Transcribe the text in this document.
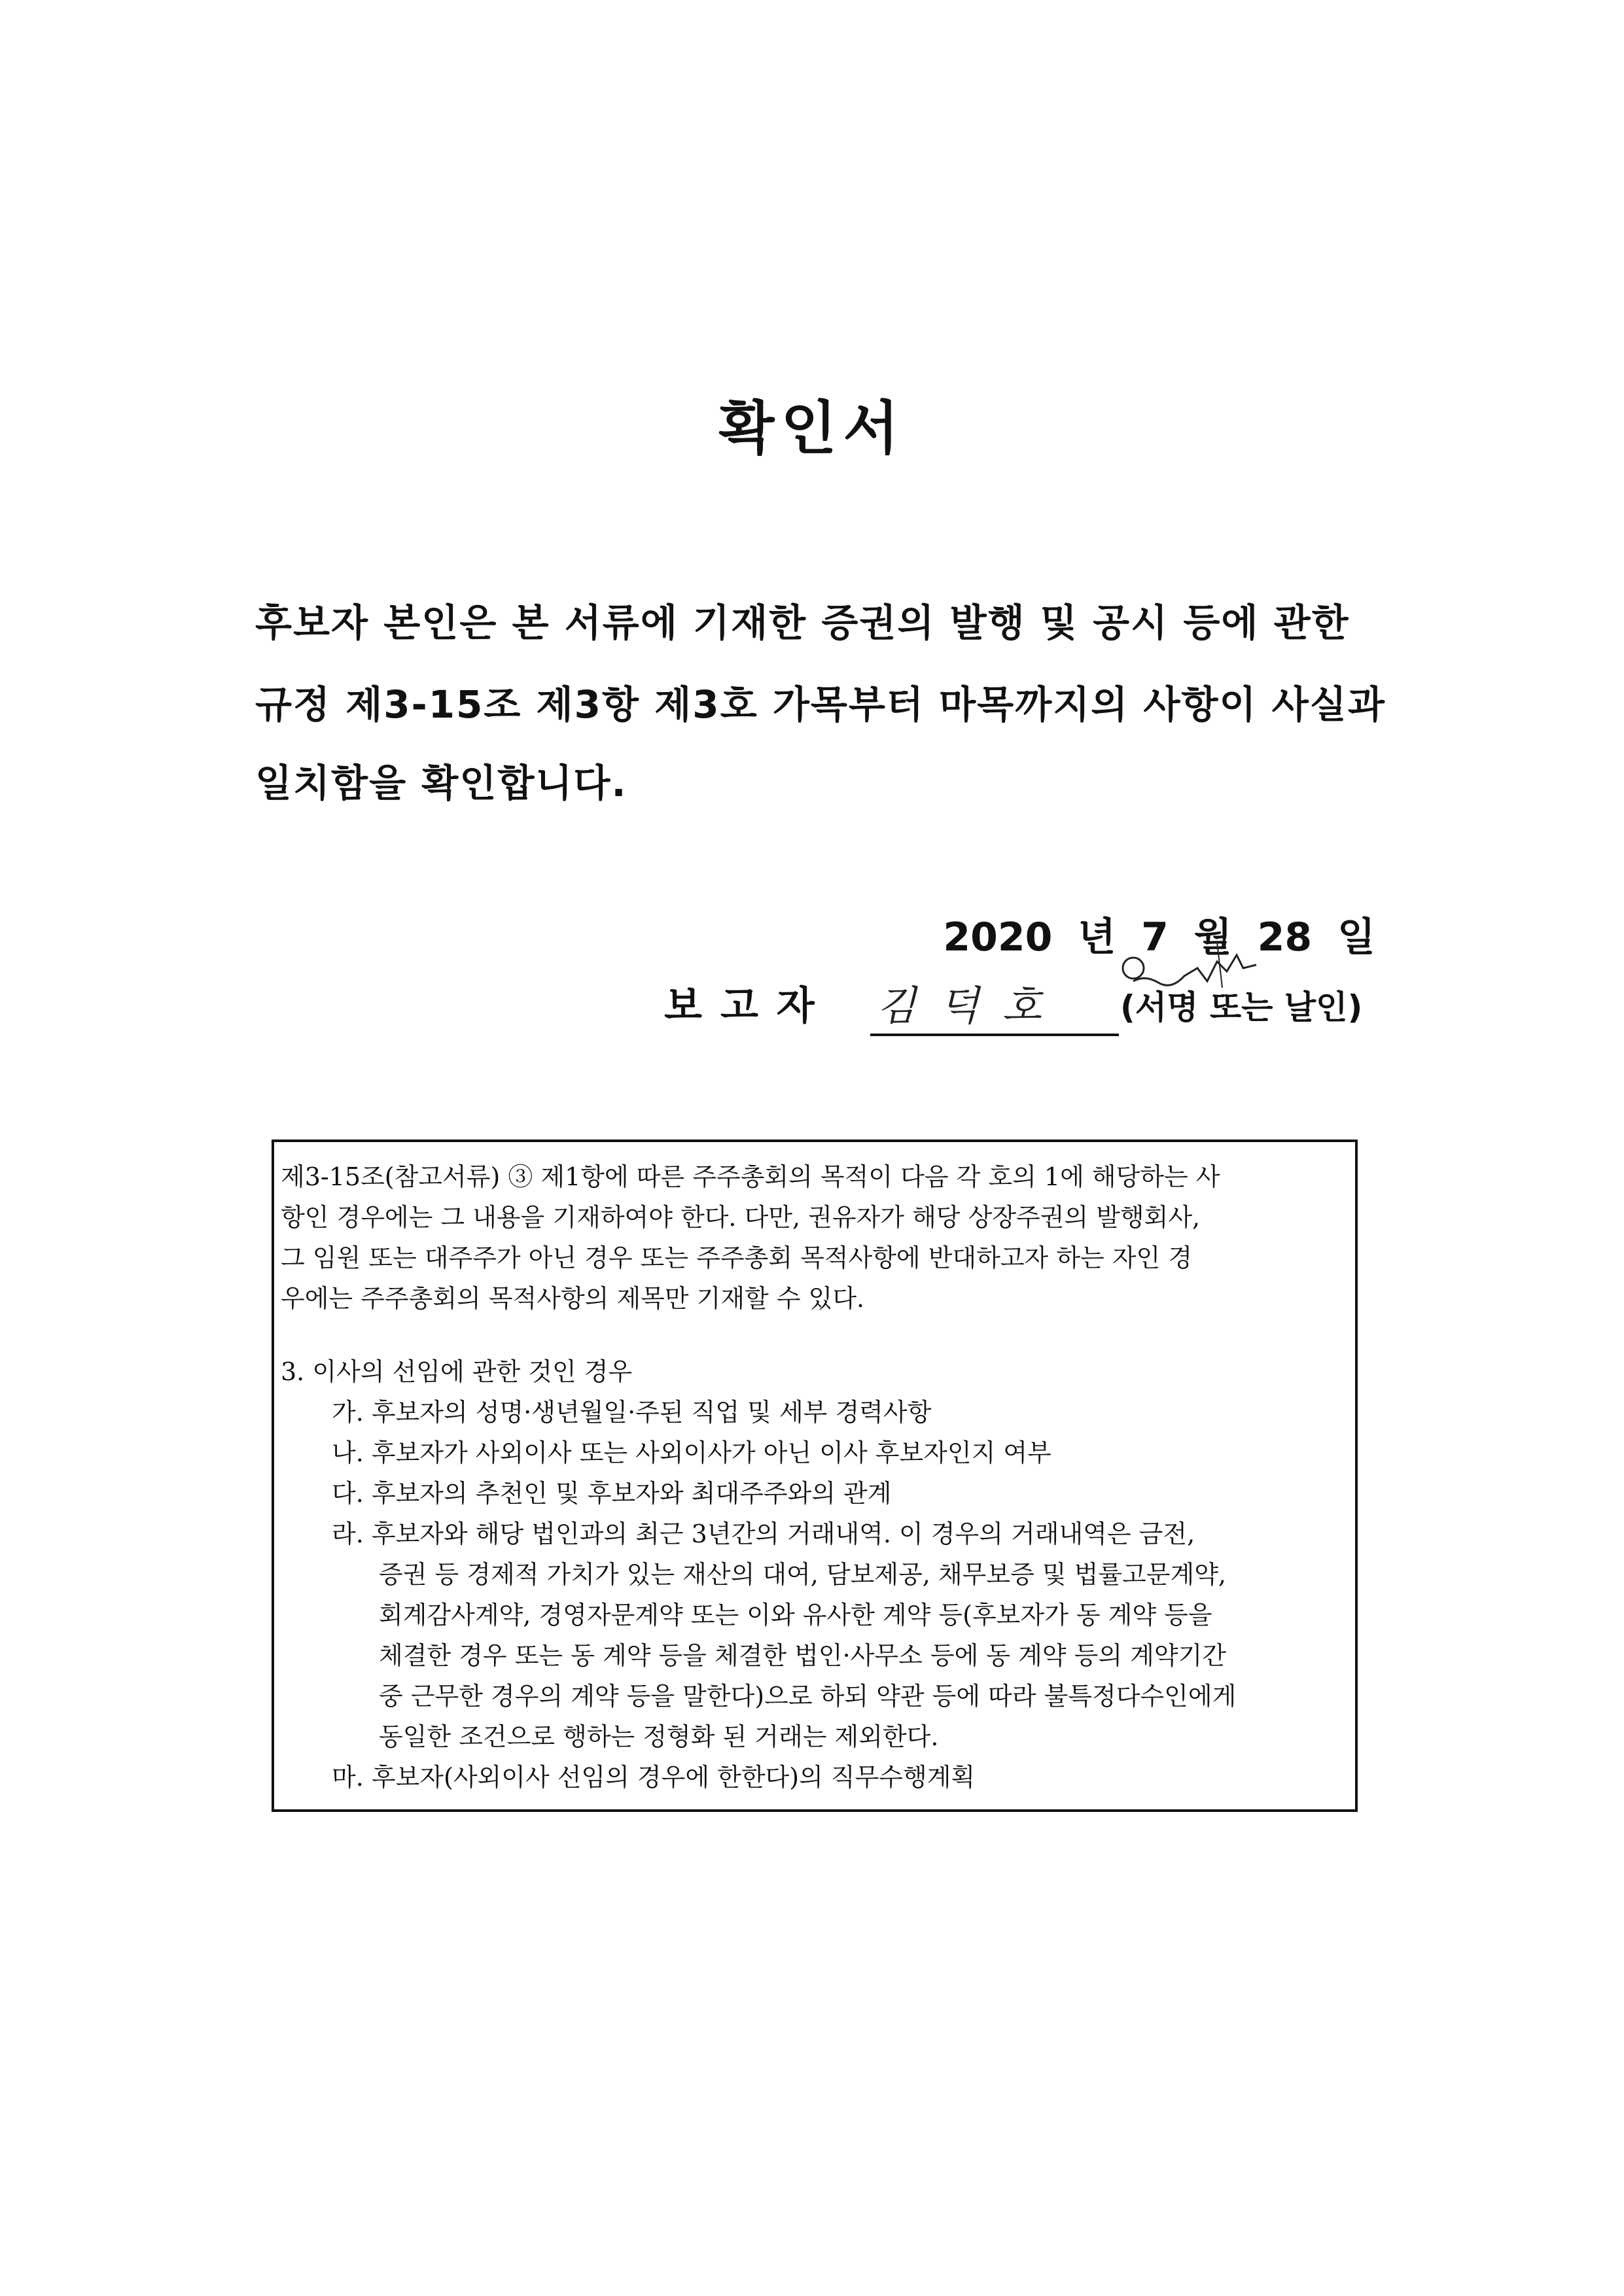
확인서
후보자 본인은 본 서류에 기재한 증권의 발행 및 공시 등에 관한
규정 제3-15조 제3항 제3호 가목부터 마목까지의 사항이 사실과
일치함을 확인합니다.
2020 년 7 월 28 일
보고자 김덕호 (서명 또는 날인)
제3-15조(참고서류) ③ 제1항에 따른 주주총회의 목적이 다음 각 호의 1에 해당하는 사
항인 경우에는 그 내용을 기재하여야 한다. 다만, 권유자가 해당 상장주권의 발행회사,
그 임원 또는 대주주가 아닌 경우 또는 주주총회 목적사항에 반대하고자 하는 자인 경
우에는 주주총회의 목적사항의 제목만 기재할 수 있다.
3. 이사의 선임에 관한 것인 경우
가. 후보자의 성명·생년월일·주된 직업 및 세부 경력사항
나. 후보자가 사외이사 또는 사외이사가 아닌 이사 후보자인지 여부
다. 후보자의 추천인 및 후보자와 최대주주와의 관계
라. 후보자와 해당 법인과의 최근 3년간의 거래내역. 이 경우의 거래내역은 금전,
증권 등 경제적 가치가 있는 재산의 대여, 담보제공, 채무보증 및 법률고문계약,
회계감사계약, 경영자문계약 또는 이와 유사한 계약 등(후보자가 동 계약 등을
체결한 경우 또는 동 계약 등을 체결한 법인·사무소 등에 동 계약 등의 계약기간
중 근무한 경우의 계약 등을 말한다)으로 하되 약관 등에 따라 불특정다수인에게
동일한 조건으로 행하는 정형화 된 거래는 제외한다.
마. 후보자(사외이사 선임의 경우에 한한다)의 직무수행계획
